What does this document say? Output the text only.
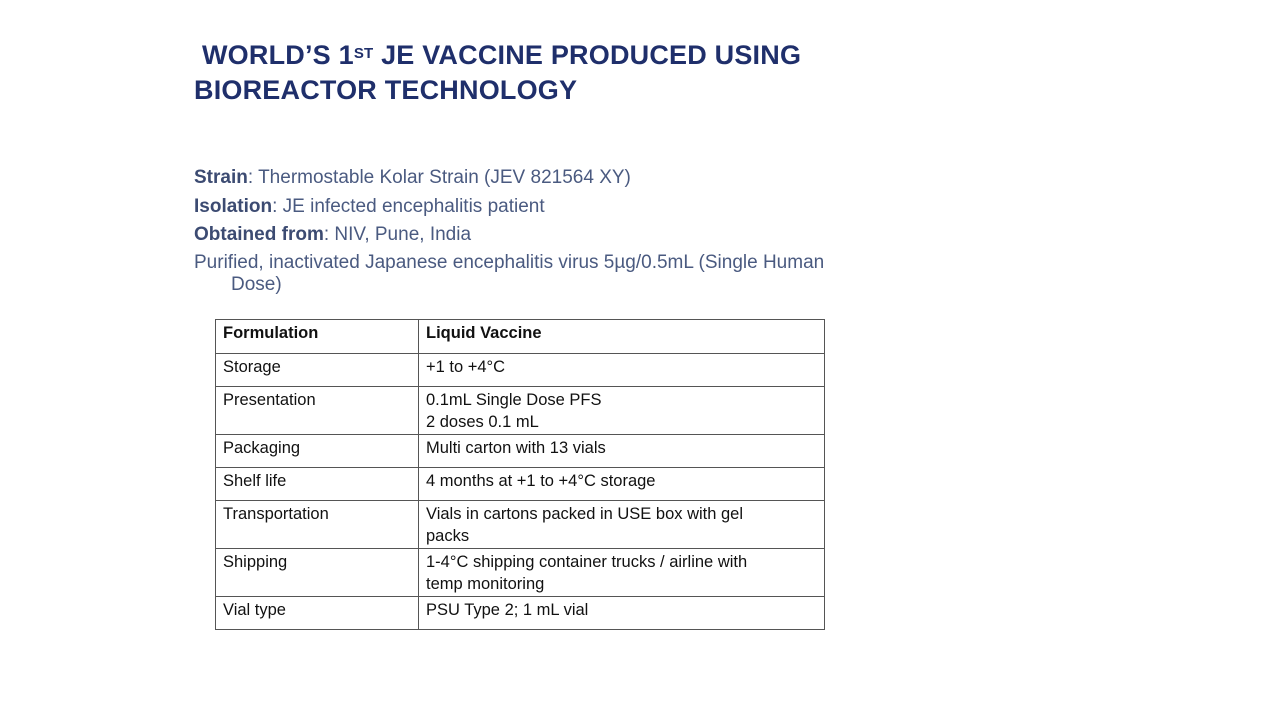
WORLD’S 1ST JE VACCINE PRODUCED USING
BIOREACTOR TECHNOLOGY
Strain: Thermostable Kolar Strain (JEV 821564 XY)
Isolation: JE infected encephalitis patient
Obtained from: NIV, Pune, India
Purified, inactivated Japanese encephalitis virus 5µg/0.5mL (Single Human
Dose)
Formulation	Liquid Vaccine
Storage	+1 to +4°C

Presentation	0.1mL Single Dose PFS
2 doses 0.1 mL

Packaging	Multi carton with 13 vials

Shelf life	4 months at +1 to +4°C storage

Transportation	Vials in cartons packed in USE box with gel
packs

Shipping	1-4°C shipping container trucks / airline with
temp monitoring

Vial type	PSU Type 2; 1 mL vial
